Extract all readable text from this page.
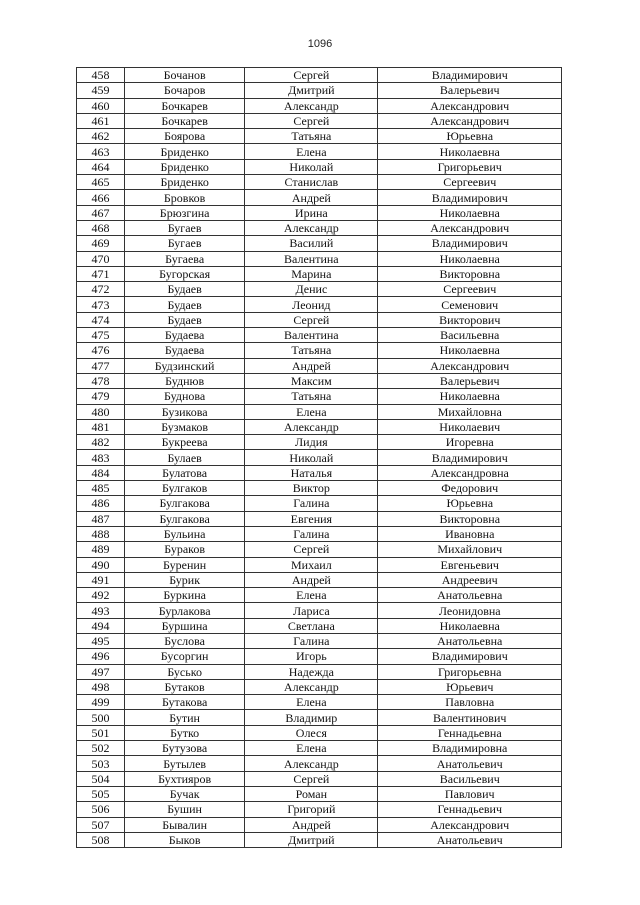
1096
458	Бочанов	Сергей	Владимирович
459	Бочаров	Дмитрий	Валерьевич
460	Бочкарев	Александр	Александрович
461	Бочкарев	Сергей	Александрович
462	Боярова	Татьяна	Юрьевна
463	Бриденко	Елена	Николаевна
464	Бриденко	Николай	Григорьевич
465	Бриденко	Станислав	Сергеевич
466	Бровков	Андрей	Владимирович
467	Брюзгина	Ирина	Николаевна
468	Бугаев	Александр	Александрович
469	Бугаев	Василий	Владимирович
470	Бугаева	Валентина	Николаевна
471	Бугорская	Марина	Викторовна
472	Будаев	Денис	Сергеевич
473	Будаев	Леонид	Семенович
474	Будаев	Сергей	Викторович
475	Будаева	Валентина	Васильевна
476	Будаева	Татьяна	Николаевна
477	Будзинский	Андрей	Александрович
478	Буднюв	Максим	Валерьевич
479	Буднова	Татьяна	Николаевна
480	Бузикова	Елена	Михайловна
481	Бузмаков	Александр	Николаевич
482	Букреева	Лидия	Игоревна
483	Булаев	Николай	Владимирович
484	Булатова	Наталья	Александровна
485	Булгаков	Виктор	Федорович
486	Булгакова	Галина	Юрьевна
487	Булгакова	Евгения	Викторовна
488	Бульина	Галина	Ивановна
489	Бураков	Сергей	Михайлович
490	Буренин	Михаил	Евгеньевич
491	Бурик	Андрей	Андреевич
492	Буркина	Елена	Анатольевна
493	Бурлакова	Лариса	Леонидовна
494	Буршина	Светлана	Николаевна
495	Буслова	Галина	Анатольевна
496	Бусоргин	Игорь	Владимирович
497	Бусько	Надежда	Григорьевна
498	Бутаков	Александр	Юрьевич
499	Бутакова	Елена	Павловна
500	Бутин	Владимир	Валентинович
501	Бутко	Олеся	Геннадьевна
502	Бутузова	Елена	Владимировна
503	Бутылев	Александр	Анатольевич
504	Бухтияров	Сергей	Васильевич
505	Бучак	Роман	Павлович
506	Бушин	Григорий	Геннадьевич
507	Бывалин	Андрей	Александрович
508	Быков	Дмитрий	Анатольевич
